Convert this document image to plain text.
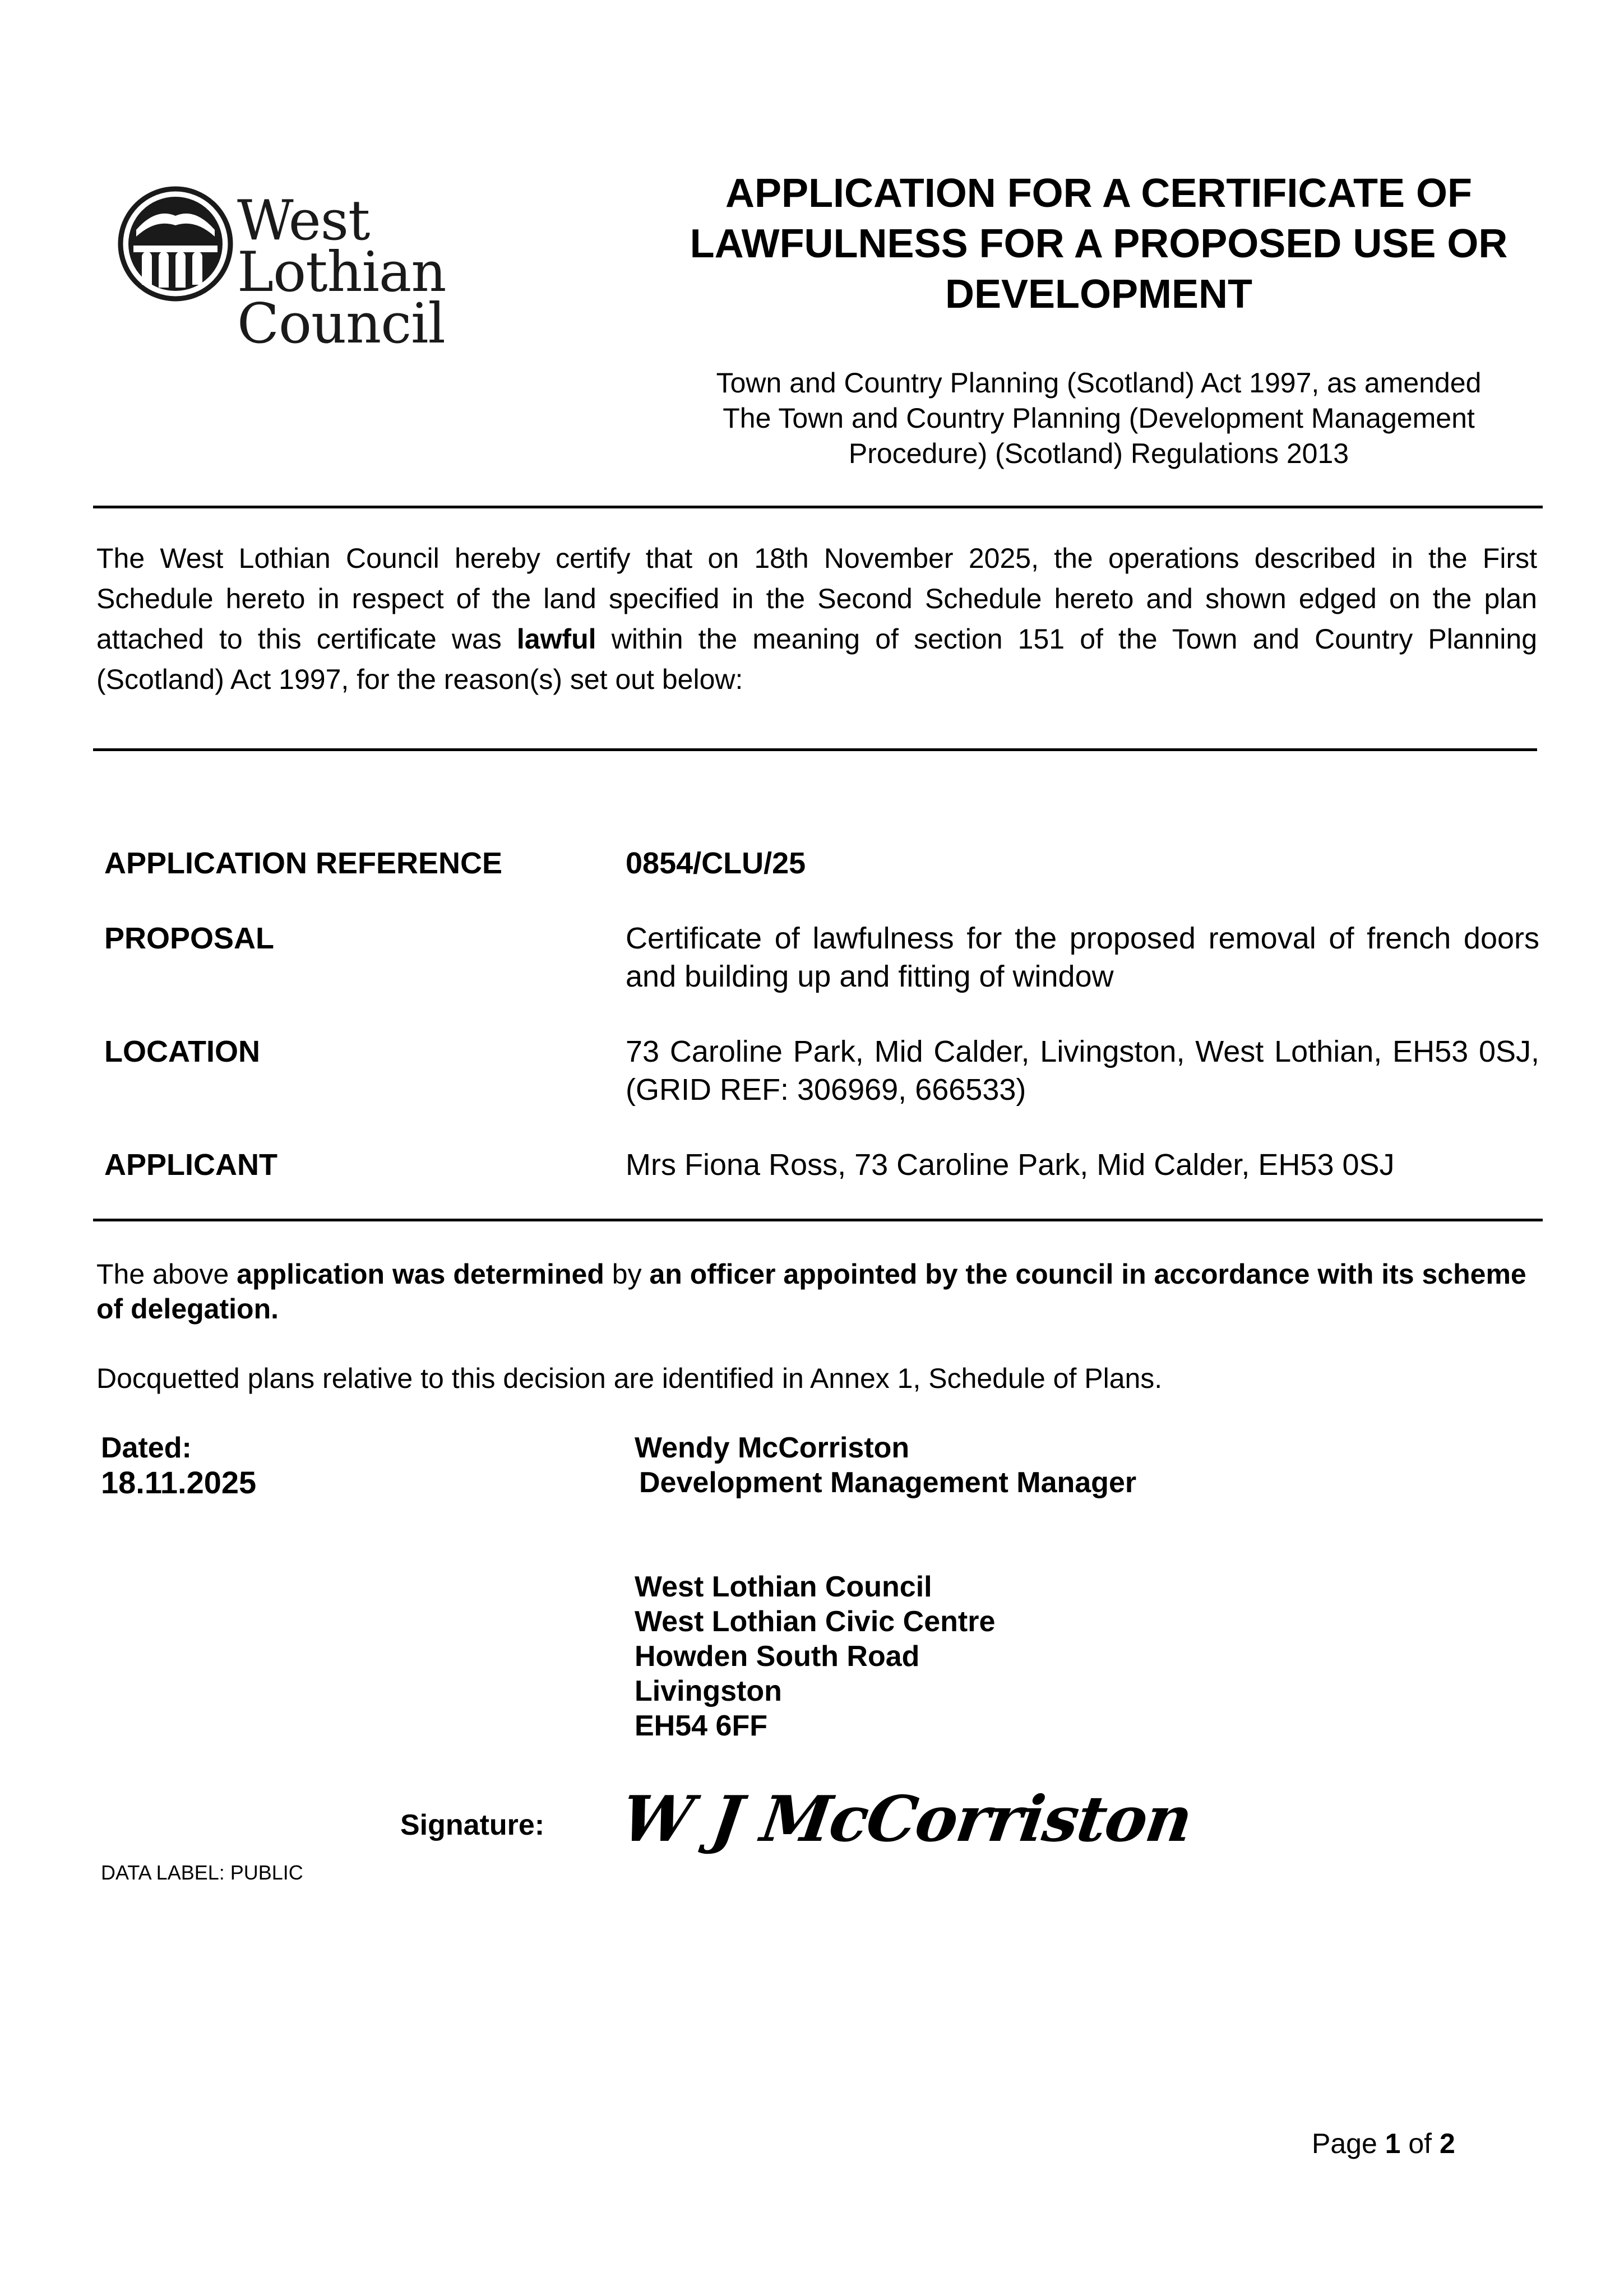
West Lothian
Council
APPLICATION FOR A CERTIFICATE OF
LAWFULNESS FOR A PROPOSED USE OR
DEVELOPMENT
Town and Country Planning (Scotland) Act 1997, as amended
The Town and Country Planning (Development Management
Procedure) (Scotland) Regulations 2013
The West Lothian Council hereby certify that on 18th November 2025, the operations described in the First Schedule hereto in respect of the land specified in the Second Schedule hereto and shown edged on the plan attached to this certificate was lawful within the meaning of section 151 of the Town and Country Planning (Scotland) Act 1997, for the reason(s) set out below:
APPLICATION REFERENCE	0854/CLU/25
PROPOSAL	Certificate of lawfulness for the proposed removal of french doors and building up and fitting of window
LOCATION	73 Caroline Park, Mid Calder, Livingston, West Lothian, EH53 0SJ, (GRID REF: 306969, 666533)
APPLICANT	Mrs Fiona Ross, 73 Caroline Park, Mid Calder, EH53 0SJ
The above application was determined by an officer appointed by the council in accordance with its scheme of delegation.
Docquetted plans relative to this decision are identified in Annex 1, Schedule of Plans.
Dated:
18.11.2025
Wendy McCorriston
Development Management Manager
West Lothian Council
West Lothian Civic Centre
Howden South Road
Livingston
EH54 6FF
Signature: W J McCorriston
DATA LABEL: PUBLIC
Page 1 of 2
